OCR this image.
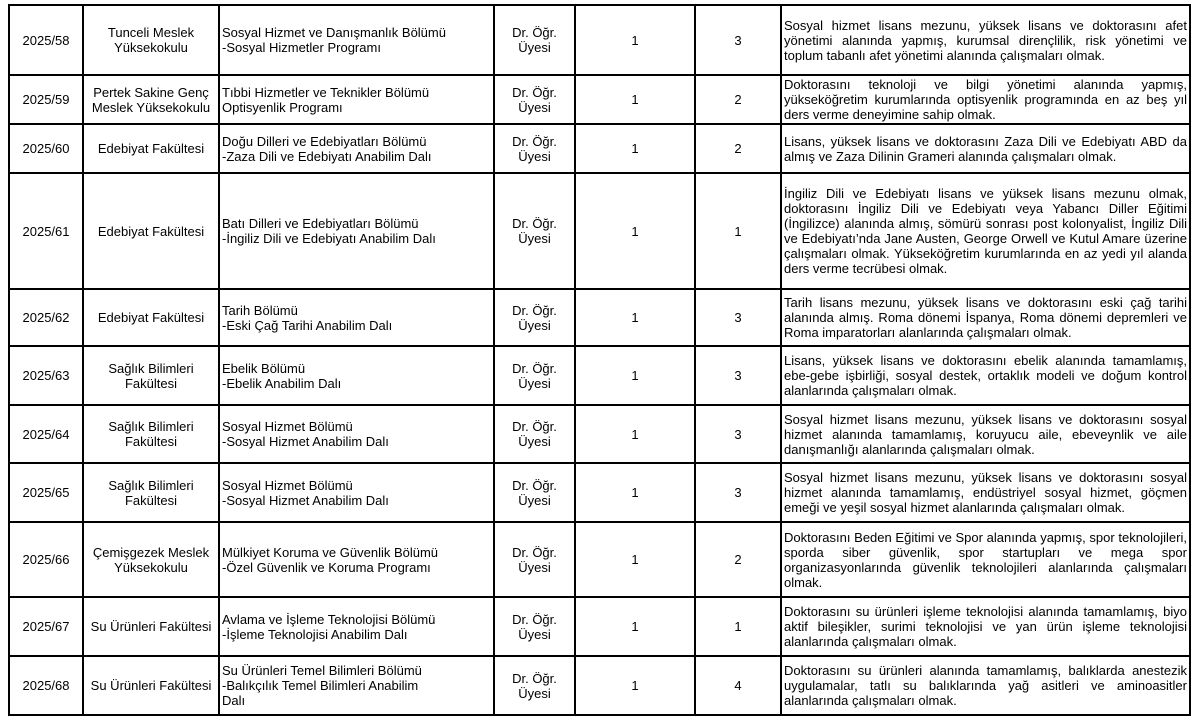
2025/58	Tunceli Meslek Yüksekokulu	Sosyal Hizmet ve Danışmanlık Bölümü
-Sosyal Hizmetler Programı	Dr. Öğr. Üyesi	1	3	Sosyal hizmet lisans mezunu, yüksek lisans ve doktorasını afet yönetimi alanında yapmış, kurumsal dirençlilik, risk yönetimi ve toplum tabanlı afet yönetimi alanında çalışmaları olmak.

2025/59	Pertek Sakine Genç Meslek Yüksekokulu	Tıbbi Hizmetler ve Teknikler Bölümü
Optisyenlik Programı	Dr. Öğr. Üyesi	1	2	Doktorasını teknoloji ve bilgi yönetimi alanında yapmış, yükseköğretim kurumlarında optisyenlik programında en az beş yıl ders verme deneyimine sahip olmak.

2025/60	Edebiyat Fakültesi	Doğu Dilleri ve Edebiyatları Bölümü
-Zaza Dili ve Edebiyatı Anabilim Dalı	Dr. Öğr. Üyesi	1	2	Lisans, yüksek lisans ve doktorasını Zaza Dili ve Edebiyatı ABD da almış ve Zaza Dilinin Grameri alanında çalışmaları olmak.

2025/61	Edebiyat Fakültesi	Batı Dilleri ve Edebiyatları Bölümü
-İngiliz Dili ve Edebiyatı Anabilim Dalı	Dr. Öğr. Üyesi	1	1	İngiliz Dili ve Edebiyatı lisans ve yüksek lisans mezunu olmak, doktorasını İngiliz Dili ve Edebiyatı veya Yabancı Diller Eğitimi (İngilizce) alanında almış, sömürü sonrası post kolonyalist, İngiliz Dili ve Edebiyatı’nda Jane Austen, George Orwell ve Kutul Amare üzerine çalışmaları olmak. Yükseköğretim kurumlarında en az yedi yıl alanda ders verme tecrübesi olmak.

2025/62	Edebiyat Fakültesi	Tarih Bölümü
-Eski Çağ Tarihi Anabilim Dalı	Dr. Öğr. Üyesi	1	3	Tarih lisans mezunu, yüksek lisans ve doktorasını eski çağ tarihi alanında almış. Roma dönemi İspanya, Roma dönemi depremleri ve Roma imparatorları alanlarında çalışmaları olmak.

2025/63	Sağlık Bilimleri Fakültesi	Ebelik Bölümü
-Ebelik Anabilim Dalı	Dr. Öğr. Üyesi	1	3	Lisans, yüksek lisans ve doktorasını ebelik alanında tamamlamış, ebe-gebe işbirliği, sosyal destek, ortaklık modeli ve doğum kontrol alanlarında çalışmaları olmak.

2025/64	Sağlık Bilimleri Fakültesi	Sosyal Hizmet Bölümü
-Sosyal Hizmet Anabilim Dalı	Dr. Öğr. Üyesi	1	3	Sosyal hizmet lisans mezunu, yüksek lisans ve doktorasını sosyal hizmet alanında tamamlamış, koruyucu aile, ebeveynlik ve aile danışmanlığı alanlarında çalışmaları olmak.

2025/65	Sağlık Bilimleri Fakültesi	Sosyal Hizmet Bölümü
-Sosyal Hizmet Anabilim Dalı	Dr. Öğr. Üyesi	1	3	Sosyal hizmet lisans mezunu, yüksek lisans ve doktorasını sosyal hizmet alanında tamamlamış, endüstriyel sosyal hizmet, göçmen emeği ve yeşil sosyal hizmet alanlarında çalışmaları olmak.

2025/66	Çemişgezek Meslek Yüksekokulu	Mülkiyet Koruma ve Güvenlik Bölümü
-Özel Güvenlik ve Koruma Programı	Dr. Öğr. Üyesi	1	2	Doktorasını Beden Eğitimi ve Spor alanında yapmış, spor teknolojileri, sporda siber güvenlik, spor startupları ve mega spor organizasyonlarında güvenlik teknolojileri alanlarında çalışmaları olmak.

2025/67	Su Ürünleri Fakültesi	Avlama ve İşleme Teknolojisi Bölümü
-İşleme Teknolojisi Anabilim Dalı	Dr. Öğr. Üyesi	1	1	Doktorasını su ürünleri işleme teknolojisi alanında tamamlamış, biyo aktif bileşikler, surimi teknolojisi ve yan ürün işleme teknolojisi alanlarında çalışmaları olmak.

2025/68	Su Ürünleri Fakültesi	Su Ürünleri Temel Bilimleri Bölümü
-Balıkçılık Temel Bilimleri Anabilim
Dalı	Dr. Öğr. Üyesi	1	4	Doktorasını su ürünleri alanında tamamlamış, balıklarda anestezik uygulamalar, tatlı su balıklarında yağ asitleri ve aminoasitler alanlarında çalışmaları olmak.
